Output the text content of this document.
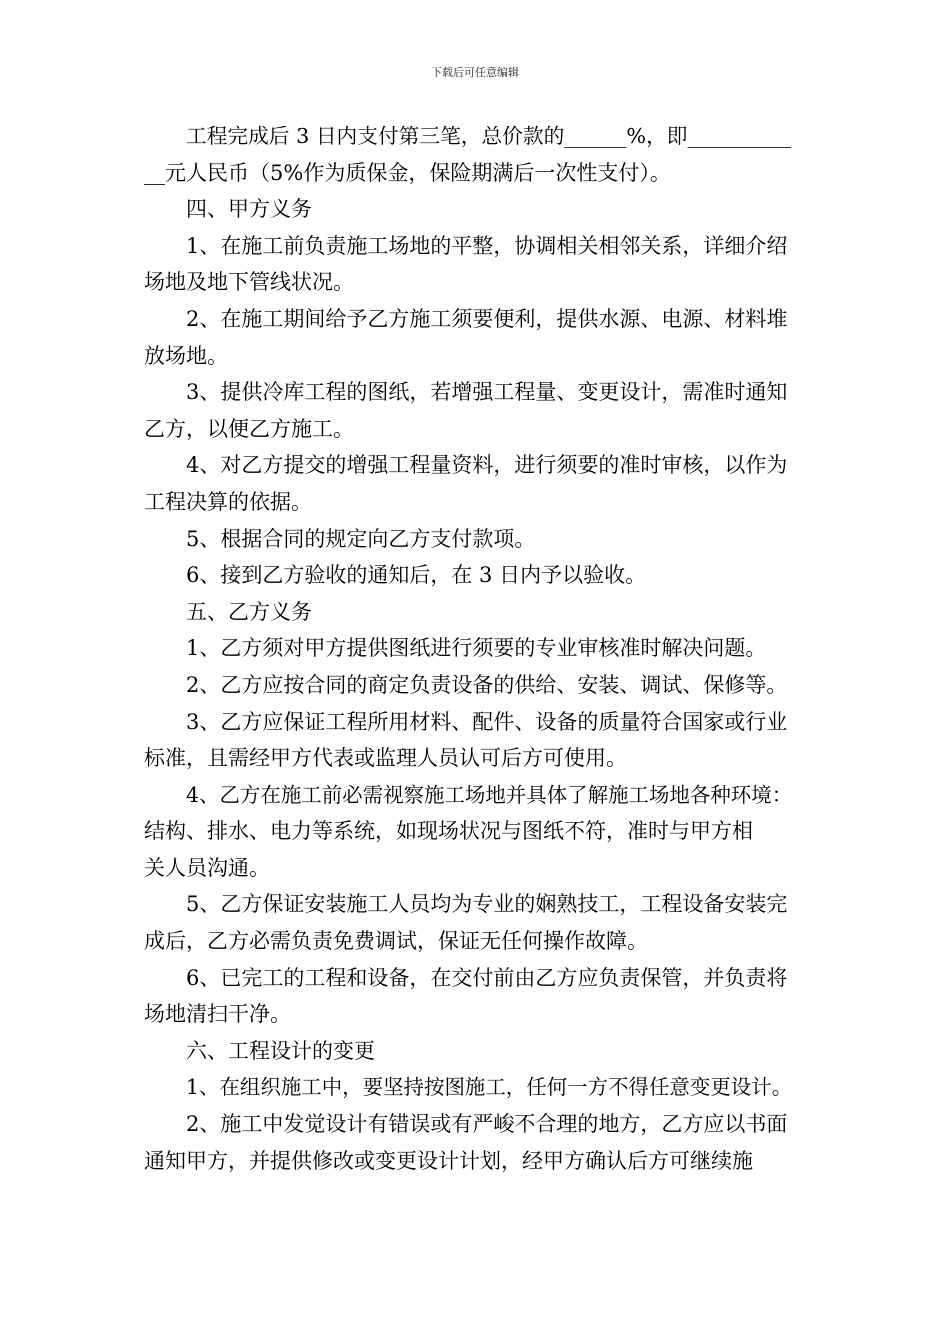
下载后可任意编辑
工程完成后 3 日内支付第三笔，总价款的______%，即__________
__元人民币（5%作为质保金，保险期满后一次性支付）。
四、甲方义务
1、在施工前负责施工场地的平整，协调相关相邻关系，详细介绍
场地及地下管线状况。
2、在施工期间给予乙方施工须要便利，提供水源、电源、材料堆
放场地。
3、提供冷库工程的图纸，若增强工程量、变更设计，需准时通知
乙方，以便乙方施工。
4、对乙方提交的增强工程量资料，进行须要的准时审核，以作为
工程决算的依据。
5、根据合同的规定向乙方支付款项。
6、接到乙方验收的通知后，在 3 日内予以验收。
五、乙方义务
1、乙方须对甲方提供图纸进行须要的专业审核准时解决问题。
2、乙方应按合同的商定负责设备的供给、安装、调试、保修等。
3、乙方应保证工程所用材料、配件、设备的质量符合国家或行业
标准，且需经甲方代表或监理人员认可后方可使用。
4、乙方在施工前必需视察施工场地并具体了解施工场地各种环境：
结构、排水、电力等系统，如现场状况与图纸不符，准时与甲方相
关人员沟通。
5、乙方保证安装施工人员均为专业的娴熟技工，工程设备安装完
成后，乙方必需负责免费调试，保证无任何操作故障。
6、已完工的工程和设备，在交付前由乙方应负责保管，并负责将
场地清扫干净。
六、工程设计的变更
1、在组织施工中，要坚持按图施工，任何一方不得任意变更设计。
2、施工中发觉设计有错误或有严峻不合理的地方，乙方应以书面
通知甲方，并提供修改或变更设计计划，经甲方确认后方可继续施
